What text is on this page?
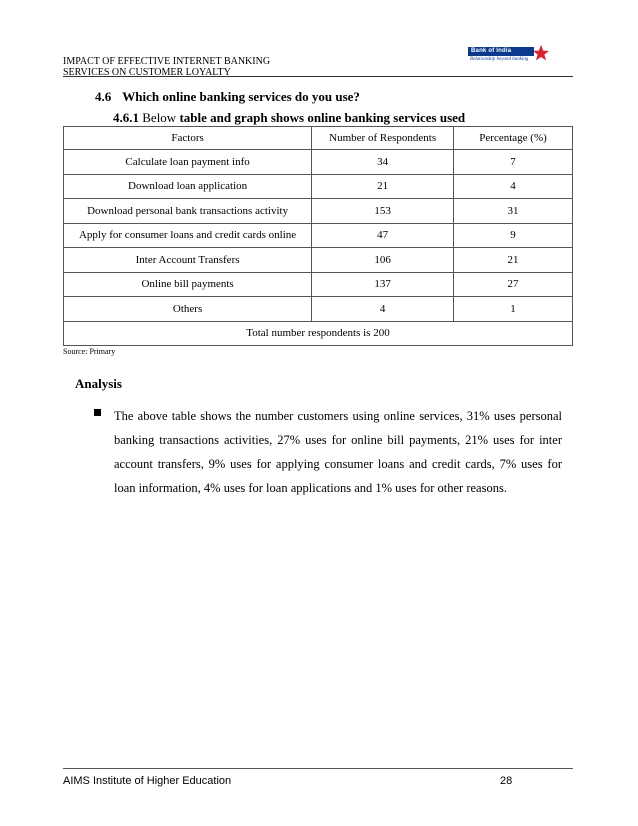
IMPACT OF EFFECTIVE INTERNET BANKING
SERVICES ON CUSTOMER LOYALTY
Bank of India
Relationship beyond banking
4.6 Which online banking services do you use?
4.6.1 Below table and graph shows online banking services used
Factors	Number of Respondents	Percentage (%)
Calculate loan payment info	34	7
Download loan application	21	4
Download personal bank transactions activity	153	31
Apply for consumer loans and credit cards online	47	9
Inter Account Transfers	106	21
Online bill payments	137	27
Others	4	1
Total number respondents is 200		
Source: Primary
Analysis
The above table shows the number customers using online services, 31% uses personal banking transactions activities, 27% uses for online bill payments, 21% uses for inter account transfers, 9% uses for applying consumer loans and credit cards, 7% uses for loan information, 4% uses for loan applications and 1% uses for other reasons.
AIMS Institute of Higher Education	28
